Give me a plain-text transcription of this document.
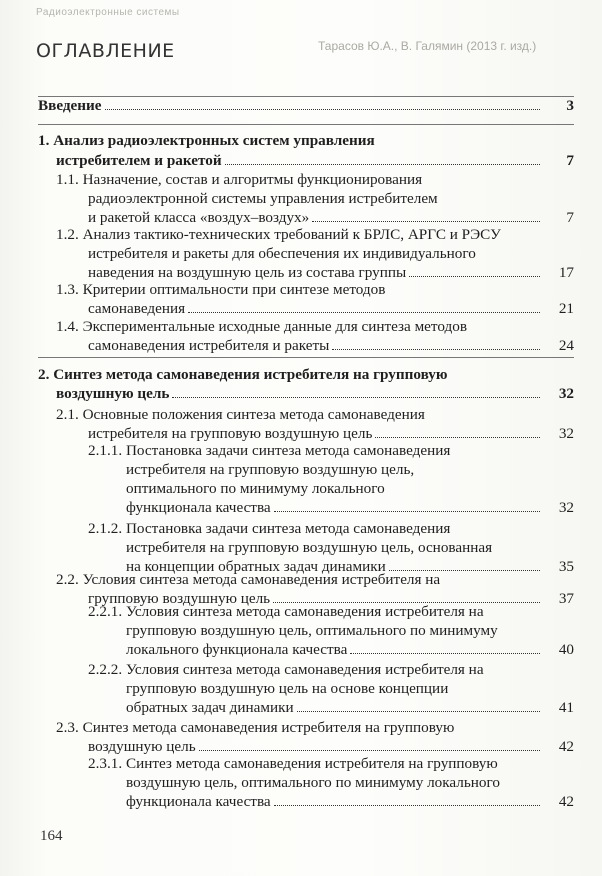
Радиоэлектронные системы
Тарасов Ю.А., В. Галямин (2013 г. изд.)
ОГЛАВЛЕНИЕ
Введение	3
1. Анализ радиоэлектронных систем управления
истребителем и ракетой	7
1.1. Назначение, состав и алгоритмы функционирования
радиоэлектронной системы управления истребителем
и ракетой класса «воздух–воздух»	7
1.2. Анализ тактико-технических требований к БРЛС, АРГС и РЭСУ
истребителя и ракеты для обеспечения их индивидуального
наведения на воздушную цель из состава группы	17
1.3. Критерии оптимальности при синтезе методов
самонаведения	21
1.4. Экспериментальные исходные данные для синтеза методов
самонаведения истребителя и ракеты	24
2. Синтез метода самонаведения истребителя на групповую
воздушную цель	32
2.1. Основные положения синтеза метода самонаведения
истребителя на групповую воздушную цель	32
2.1.1. Постановка задачи синтеза метода самонаведения
истребителя на групповую воздушную цель,
оптимального по минимуму локального
функционала качества	32
2.1.2. Постановка задачи синтеза метода самонаведения
истребителя на групповую воздушную цель, основанная
на концепции обратных задач динамики	35
2.2. Условия синтеза метода самонаведения истребителя на
групповую воздушную цель	37
2.2.1. Условия синтеза метода самонаведения истребителя на
групповую воздушную цель, оптимального по минимуму
локального функционала качества	40
2.2.2. Условия синтеза метода самонаведения истребителя на
групповую воздушную цель на основе концепции
обратных задач динамики	41
2.3. Синтез метода самонаведения истребителя на групповую
воздушную цель	42
2.3.1. Синтез метода самонаведения истребителя на групповую
воздушную цель, оптимального по минимуму локального
функционала качества	42
164
